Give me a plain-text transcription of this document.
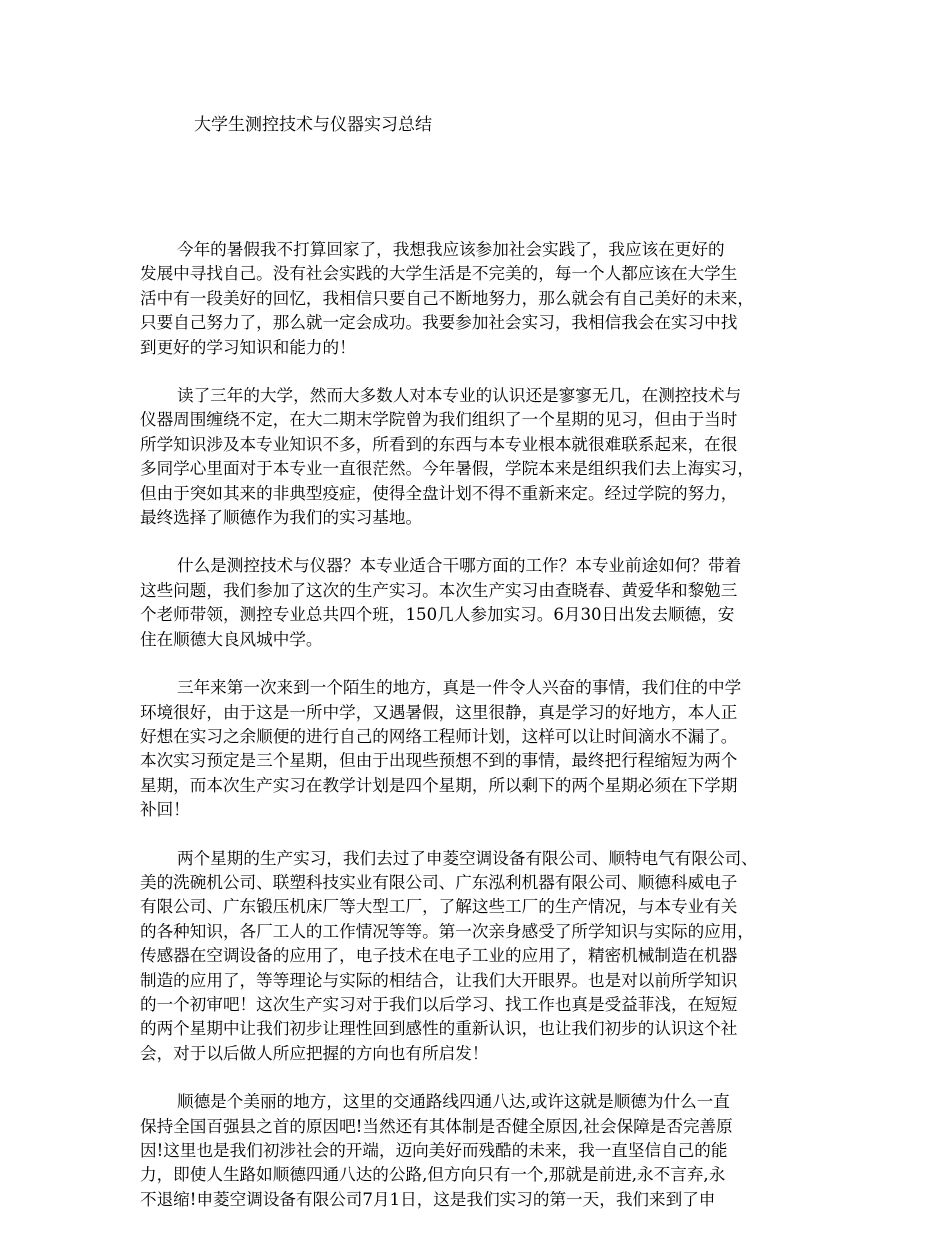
大学生测控技术与仪器实习总结
今年的暑假我不打算回家了，我想我应该参加社会实践了，我应该在更好的
发展中寻找自己。没有社会实践的大学生活是不完美的，每一个人都应该在大学生
活中有一段美好的回忆，我相信只要自己不断地努力，那么就会有自己美好的未来，
只要自己努力了，那么就一定会成功。我要参加社会实习，我相信我会在实习中找
到更好的学习知识和能力的！
读了三年的大学，然而大多数人对本专业的认识还是寥寥无几，在测控技术与
仪器周围缠绕不定，在大二期末学院曾为我们组织了一个星期的见习，但由于当时
所学知识涉及本专业知识不多，所看到的东西与本专业根本就很难联系起来，在很
多同学心里面对于本专业一直很茫然。今年暑假，学院本来是组织我们去上海实习，
但由于突如其来的非典型疫症，使得全盘计划不得不重新来定。经过学院的努力，
最终选择了顺德作为我们的实习基地。
什么是测控技术与仪器？本专业适合干哪方面的工作？本专业前途如何？带着
这些问题，我们参加了这次的生产实习。本次生产实习由查晓春、黄爱华和黎勉三
个老师带领，测控专业总共四个班，150几人参加实习。6月30日出发去顺德，安
住在顺德大良风城中学。
三年来第一次来到一个陌生的地方，真是一件令人兴奋的事情，我们住的中学
环境很好，由于这是一所中学，又遇暑假，这里很静，真是学习的好地方，本人正
好想在实习之余顺便的进行自己的网络工程师计划，这样可以让时间滴水不漏了。
本次实习预定是三个星期，但由于出现些预想不到的事情，最终把行程缩短为两个
星期，而本次生产实习在教学计划是四个星期，所以剩下的两个星期必须在下学期
补回！
两个星期的生产实习，我们去过了申菱空调设备有限公司、顺特电气有限公司、
美的洗碗机公司、联塑科技实业有限公司、广东泓利机器有限公司、顺德科威电子
有限公司、广东锻压机床厂等大型工厂，了解这些工厂的生产情况，与本专业有关
的各种知识，各厂工人的工作情况等等。第一次亲身感受了所学知识与实际的应用，
传感器在空调设备的应用了，电子技术在电子工业的应用了，精密机械制造在机器
制造的应用了，等等理论与实际的相结合，让我们大开眼界。也是对以前所学知识
的一个初审吧！这次生产实习对于我们以后学习、找工作也真是受益菲浅，在短短
的两个星期中让我们初步让理性回到感性的重新认识，也让我们初步的认识这个社
会，对于以后做人所应把握的方向也有所启发！
顺德是个美丽的地方，这里的交通路线四通八达,或许这就是顺德为什么一直
保持全国百强县之首的原因吧!当然还有其体制是否健全原因,社会保障是否完善原
因!这里也是我们初涉社会的开端，迈向美好而残酷的未来，我一直坚信自己的能
力，即使人生路如顺德四通八达的公路,但方向只有一个,那就是前进,永不言弃,永
不退缩!申菱空调设备有限公司7月1日，这是我们实习的第一天，我们来到了申
